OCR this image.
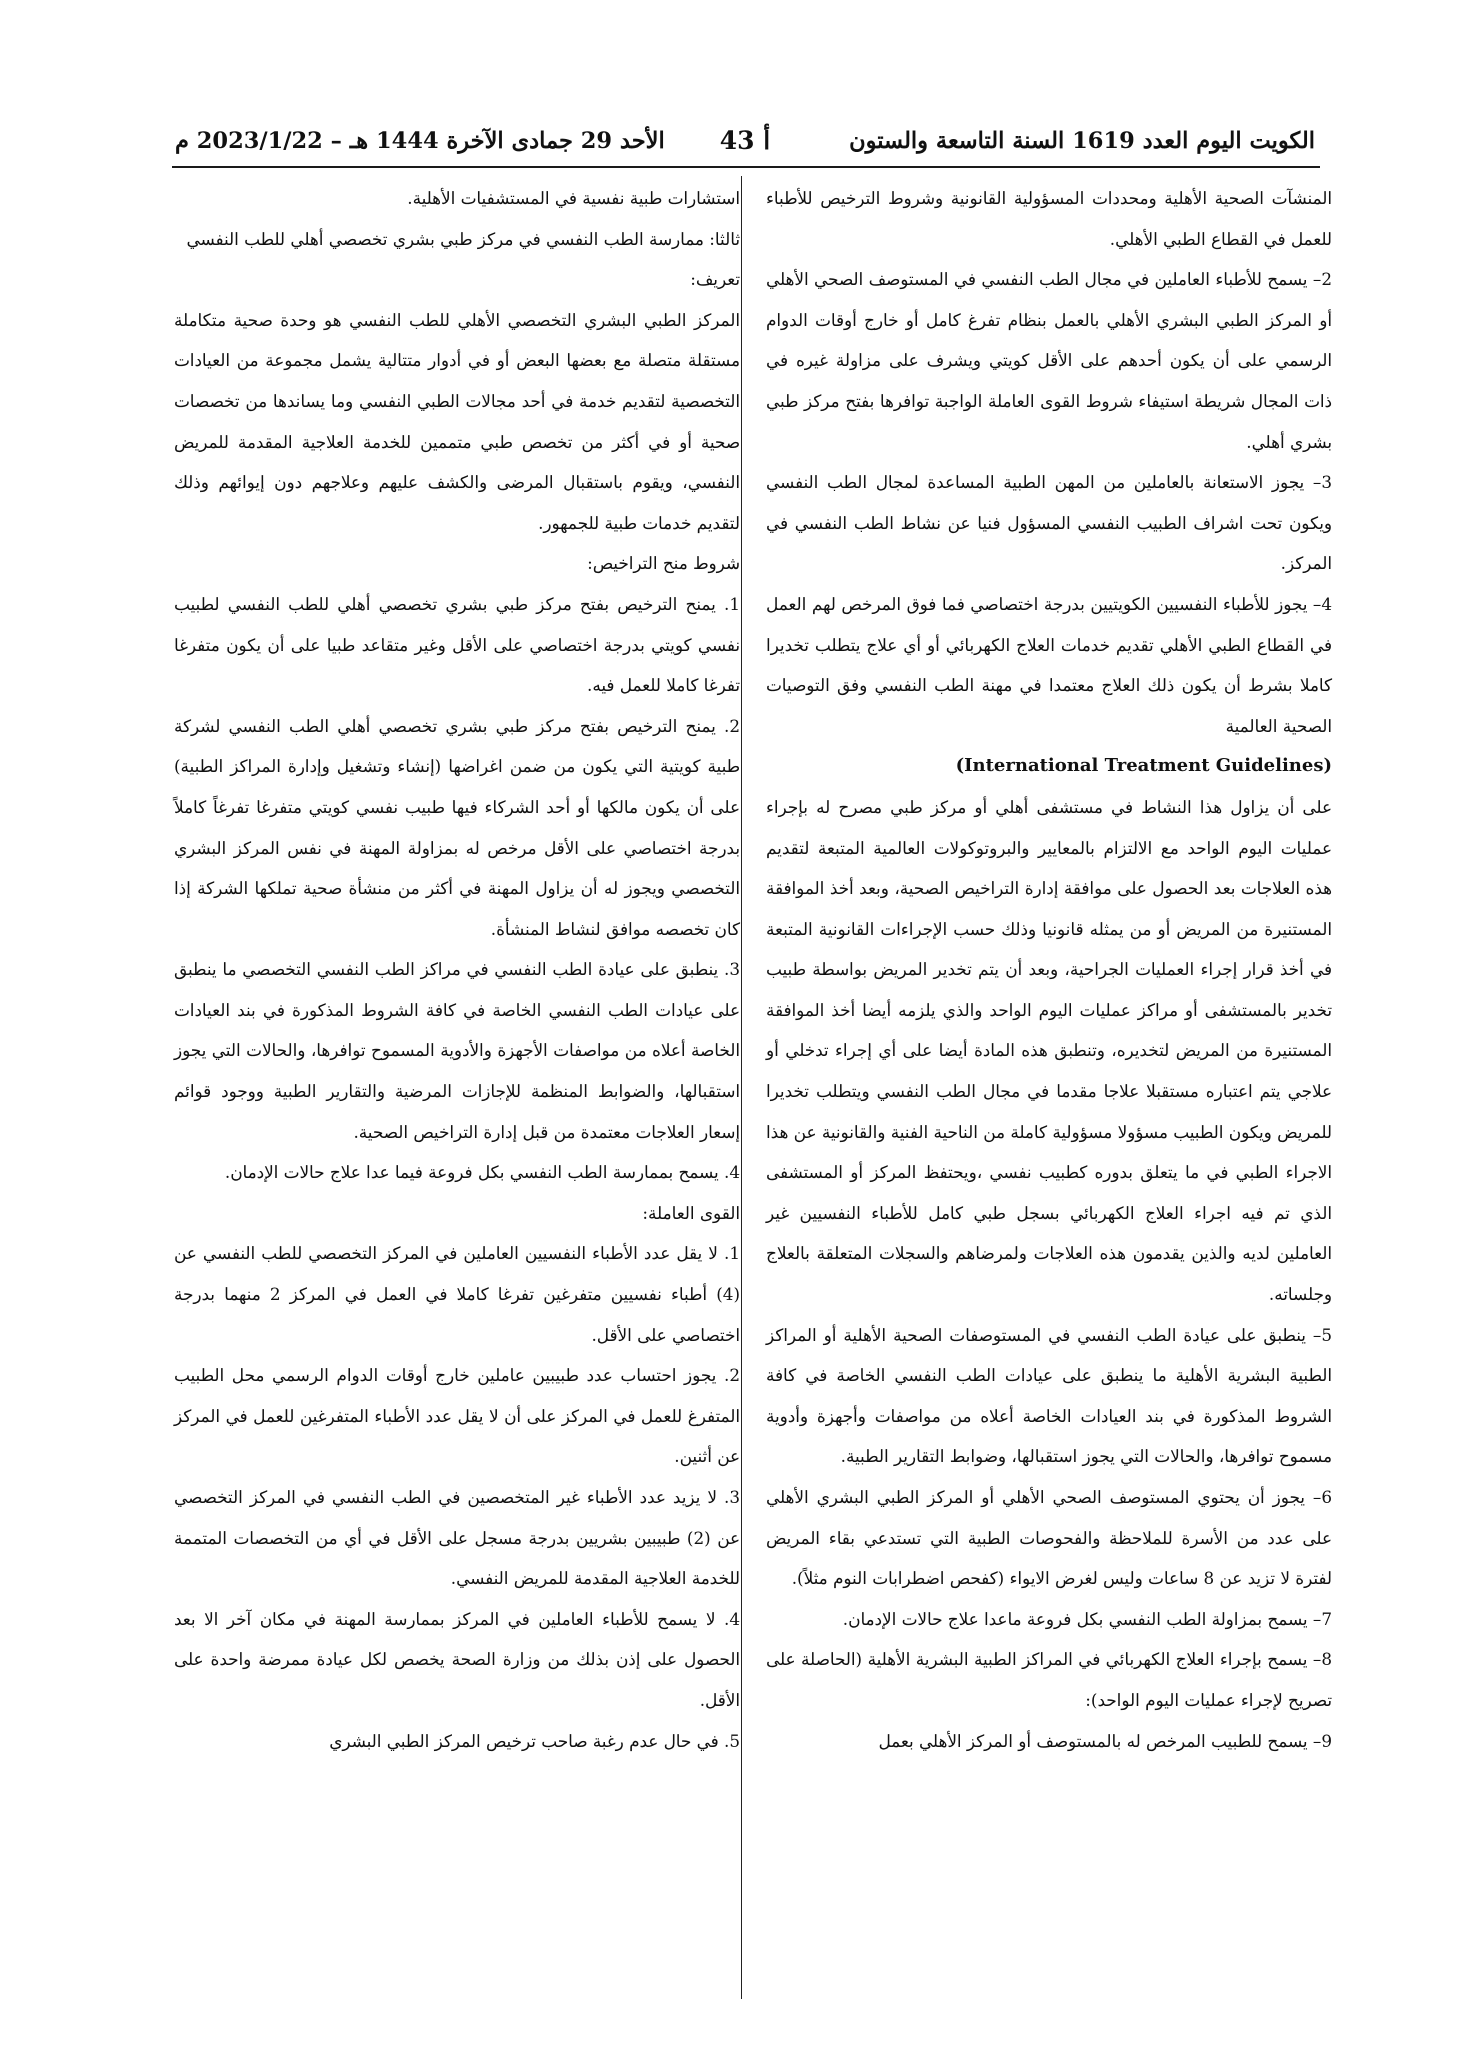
الكويت اليوم العدد 1619 السنة التاسعة والستون
أ 43
الأحد 29 جمادى الآخرة 1444 هـ – 2023/1/22 م

المنشآت الصحية الأهلية ومحددات المسؤولية القانونية وشروط الترخيص للأطباء للعمل في القطاع الطبي الأهلي.

2– يسمح للأطباء العاملين في مجال الطب النفسي في المستوصف الصحي الأهلي أو المركز الطبي البشري الأهلي بالعمل بنظام تفرغ كامل أو خارج أوقات الدوام الرسمي على أن يكون أحدهم على الأقل كويتي ويشرف على مزاولة غيره في ذات المجال شريطة استيفاء شروط القوى العاملة الواجبة توافرها بفتح مركز طبي بشري أهلي.

3– يجوز الاستعانة بالعاملين من المهن الطبية المساعدة لمجال الطب النفسي ويكون تحت اشراف الطبيب النفسي المسؤول فنيا عن نشاط الطب النفسي في المركز.

4– يجوز للأطباء النفسيين الكويتيين بدرجة اختصاصي فما فوق المرخص لهم العمل في القطاع الطبي الأهلي تقديم خدمات العلاج الكهربائي أو أي علاج يتطلب تخديرا كاملا بشرط أن يكون ذلك العلاج معتمدا في مهنة الطب النفسي وفق التوصيات الصحية العالمية

(International Treatment Guidelines)

على أن يزاول هذا النشاط في مستشفى أهلي أو مركز طبي مصرح له بإجراء عمليات اليوم الواحد مع الالتزام بالمعايير والبروتوكولات العالمية المتبعة لتقديم هذه العلاجات بعد الحصول على موافقة إدارة التراخيص الصحية، وبعد أخذ الموافقة المستنيرة من المريض أو من يمثله قانونيا وذلك حسب الإجراءات القانونية المتبعة في أخذ قرار إجراء العمليات الجراحية، وبعد أن يتم تخدير المريض بواسطة طبيب تخدير بالمستشفى أو مراكز عمليات اليوم الواحد والذي يلزمه أيضا أخذ الموافقة المستنيرة من المريض لتخديره، وتنطبق هذه المادة أيضا على أي إجراء تدخلي أو علاجي يتم اعتباره مستقبلا علاجا مقدما في مجال الطب النفسي ويتطلب تخديرا للمريض ويكون الطبيب مسؤولا مسؤولية كاملة من الناحية الفنية والقانونية عن هذا الاجراء الطبي في ما يتعلق بدوره كطبيب نفسي ،ويحتفظ المركز أو المستشفى الذي تم فيه اجراء العلاج الكهربائي بسجل طبي كامل للأطباء النفسيين غير العاملين لديه والذين يقدمون هذه العلاجات ولمرضاهم والسجلات المتعلقة بالعلاج وجلساته.

5– ينطبق على عيادة الطب النفسي في المستوصفات الصحية الأهلية أو المراكز الطبية البشرية الأهلية ما ينطبق على عيادات الطب النفسي الخاصة في كافة الشروط المذكورة في بند العيادات الخاصة أعلاه من مواصفات وأجهزة وأدوية مسموح توافرها، والحالات التي يجوز استقبالها، وضوابط التقارير الطبية.

6– يجوز أن يحتوي المستوصف الصحي الأهلي أو المركز الطبي البشري الأهلي على عدد من الأسرة للملاحظة والفحوصات الطبية التي تستدعي بقاء المريض لفترة لا تزيد عن 8 ساعات وليس لغرض الايواء (كفحص اضطرابات النوم مثلاً).

7– يسمح بمزاولة الطب النفسي بكل فروعة ماعدا علاج حالات الإدمان.

8– يسمح بإجراء العلاج الكهربائي في المراكز الطبية البشرية الأهلية (الحاصلة على تصريح لإجراء عمليات اليوم الواحد):

9– يسمح للطبيب المرخص له بالمستوصف أو المركز الأهلي بعمل

استشارات طبية نفسية في المستشفيات الأهلية.

ثالثا: ممارسة الطب النفسي في مركز طبي بشري تخصصي أهلي للطب النفسي

تعريف:

المركز الطبي البشري التخصصي الأهلي للطب النفسي هو وحدة صحية متكاملة مستقلة متصلة مع بعضها البعض أو في أدوار متتالية يشمل مجموعة من العيادات التخصصية لتقديم خدمة في أحد مجالات الطبي النفسي وما يساندها من تخصصات صحية أو في أكثر من تخصص طبي متممين للخدمة العلاجية المقدمة للمريض النفسي، ويقوم باستقبال المرضى والكشف عليهم وعلاجهم دون إيوائهم وذلك لتقديم خدمات طبية للجمهور.

شروط منح التراخيص:

1. يمنح الترخيص بفتح مركز طبي بشري تخصصي أهلي للطب النفسي لطبيب نفسي كويتي بدرجة اختصاصي على الأقل وغير متقاعد طبيا على أن يكون متفرغا تفرغا كاملا للعمل فيه.

2. يمنح الترخيص بفتح مركز طبي بشري تخصصي أهلي الطب النفسي لشركة طبية كويتية التي يكون من ضمن اغراضها (إنشاء وتشغيل وإدارة المراكز الطبية) على أن يكون مالكها أو أحد الشركاء فيها طبيب نفسي كويتي متفرغا تفرغاً كاملاً بدرجة اختصاصي على الأقل مرخص له بمزاولة المهنة في نفس المركز البشري التخصصي ويجوز له أن يزاول المهنة في أكثر من منشأة صحية تملكها الشركة إذا كان تخصصه موافق لنشاط المنشأة.

3. ينطبق على عيادة الطب النفسي في مراكز الطب النفسي التخصصي ما ينطبق على عيادات الطب النفسي الخاصة في كافة الشروط المذكورة في بند العيادات الخاصة أعلاه من مواصفات الأجهزة والأدوية المسموح توافرها، والحالات التي يجوز استقبالها، والضوابط المنظمة للإجازات المرضية والتقارير الطبية ووجود قوائم إسعار العلاجات معتمدة من قبل إدارة التراخيص الصحية.

4. يسمح بممارسة الطب النفسي بكل فروعة فيما عدا علاج حالات الإدمان.

القوى العاملة:

1. لا يقل عدد الأطباء النفسيين العاملين في المركز التخصصي للطب النفسي عن (4) أطباء نفسيين متفرغين تفرغا كاملا في العمل في المركز 2 منهما بدرجة اختصاصي على الأقل.

2. يجوز احتساب عدد طبيبين عاملين خارج أوقات الدوام الرسمي محل الطبيب المتفرغ للعمل في المركز على أن لا يقل عدد الأطباء المتفرغين للعمل في المركز عن أثنين.

3. لا يزيد عدد الأطباء غير المتخصصين في الطب النفسي في المركز التخصصي عن (2) طبيبين بشريين بدرجة مسجل على الأقل في أي من التخصصات المتممة للخدمة العلاجية المقدمة للمريض النفسي.

4. لا يسمح للأطباء العاملين في المركز بممارسة المهنة في مكان آخر الا بعد الحصول على إذن بذلك من وزارة الصحة يخصص لكل عيادة ممرضة واحدة على الأقل.

5. في حال عدم رغبة صاحب ترخيص المركز الطبي البشري
